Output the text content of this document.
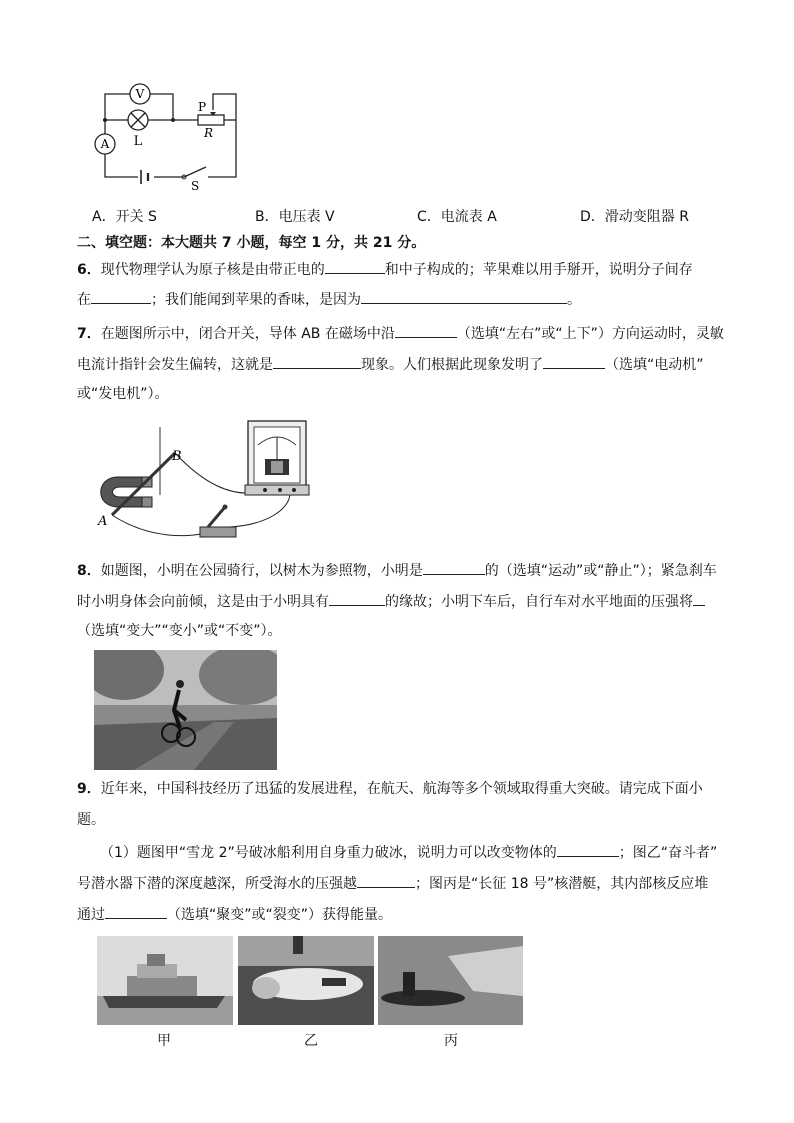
V
L
A
P
R
S
A．开关 S	B．电压表 V	C．电流表 A	D．滑动变阻器 R
二、填空题：本大题共 7 小题，每空 1 分，共 21 分。
6．现代物理学认为原子核是由带正电的	和中子构成的；苹果难以用手掰开，说明分子间存
在	；我们能闻到苹果的香味，是因为	。
7．在题图所示中，闭合开关，导体 AB 在磁场中沿	（选填“左右”或“上下”）方向运动时，灵敏
电流计指针会发生偏转，这就是	现象。人们根据此现象发明了	（选填“电动机”
或“发电机”）。
A
B
8．如题图，小明在公园骑行，以树木为参照物，小明是	的（选填“运动”或“静止”）；紧急刹车
时小明身体会向前倾，这是由于小明具有	的缘故；小明下车后，自行车对水平地面的压强将
（选填“变大”“变小”或“不变”）。
9．近年来，中国科技经历了迅猛的发展进程，在航天、航海等多个领域取得重大突破。请完成下面小
题。
（1）题图甲“雪龙 2”号破冰船利用自身重力破冰，说明力可以改变物体的	；图乙“奋斗者”
号潜水器下潜的深度越深，所受海水的压强越	；图丙是“长征 18 号”核潜艇，其内部核反应堆
通过	（选填“聚变”或“裂变”）获得能量。
甲	乙	丙
